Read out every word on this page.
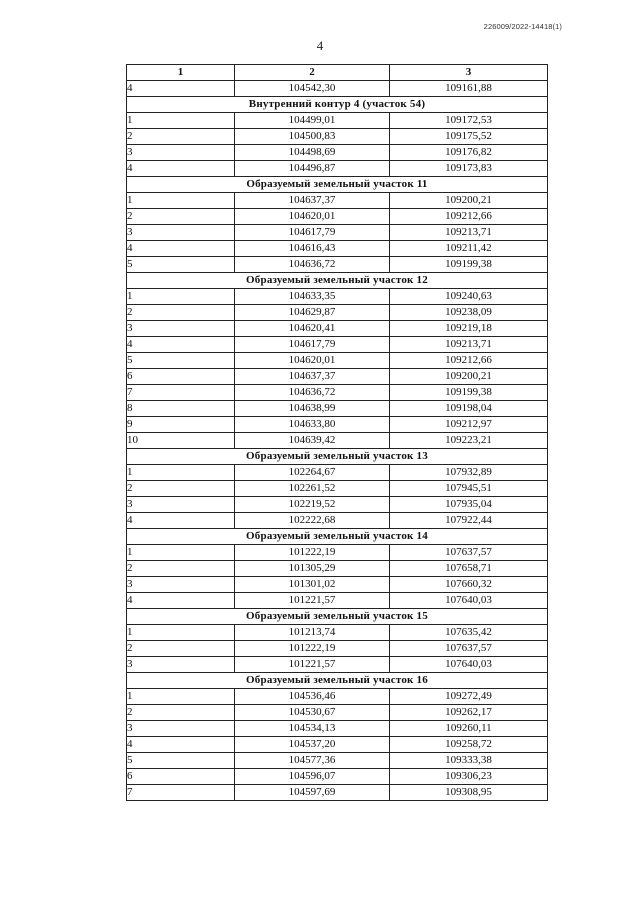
226009/2022-14418(1)
4
1	2	3
4	104542,30	109161,88
Внутренний контур 4 (участок 54)		
1	104499,01	109172,53
2	104500,83	109175,52
3	104498,69	109176,82
4	104496,87	109173,83
Образуемый земельный участок 11		
1	104637,37	109200,21
2	104620,01	109212,66
3	104617,79	109213,71
4	104616,43	109211,42
5	104636,72	109199,38
Образуемый земельный участок 12		
1	104633,35	109240,63
2	104629,87	109238,09
3	104620,41	109219,18
4	104617,79	109213,71
5	104620,01	109212,66
6	104637,37	109200,21
7	104636,72	109199,38
8	104638,99	109198,04
9	104633,80	109212,97
10	104639,42	109223,21
Образуемый земельный участок 13		
1	102264,67	107932,89
2	102261,52	107945,51
3	102219,52	107935,04
4	102222,68	107922,44
Образуемый земельный участок 14		
1	101222,19	107637,57
2	101305,29	107658,71
3	101301,02	107660,32
4	101221,57	107640,03
Образуемый земельный участок 15		
1	101213,74	107635,42
2	101222,19	107637,57
3	101221,57	107640,03
Образуемый земельный участок 16		
1	104536,46	109272,49
2	104530,67	109262,17
3	104534,13	109260,11
4	104537,20	109258,72
5	104577,36	109333,38
6	104596,07	109306,23
7	104597,69	109308,95
